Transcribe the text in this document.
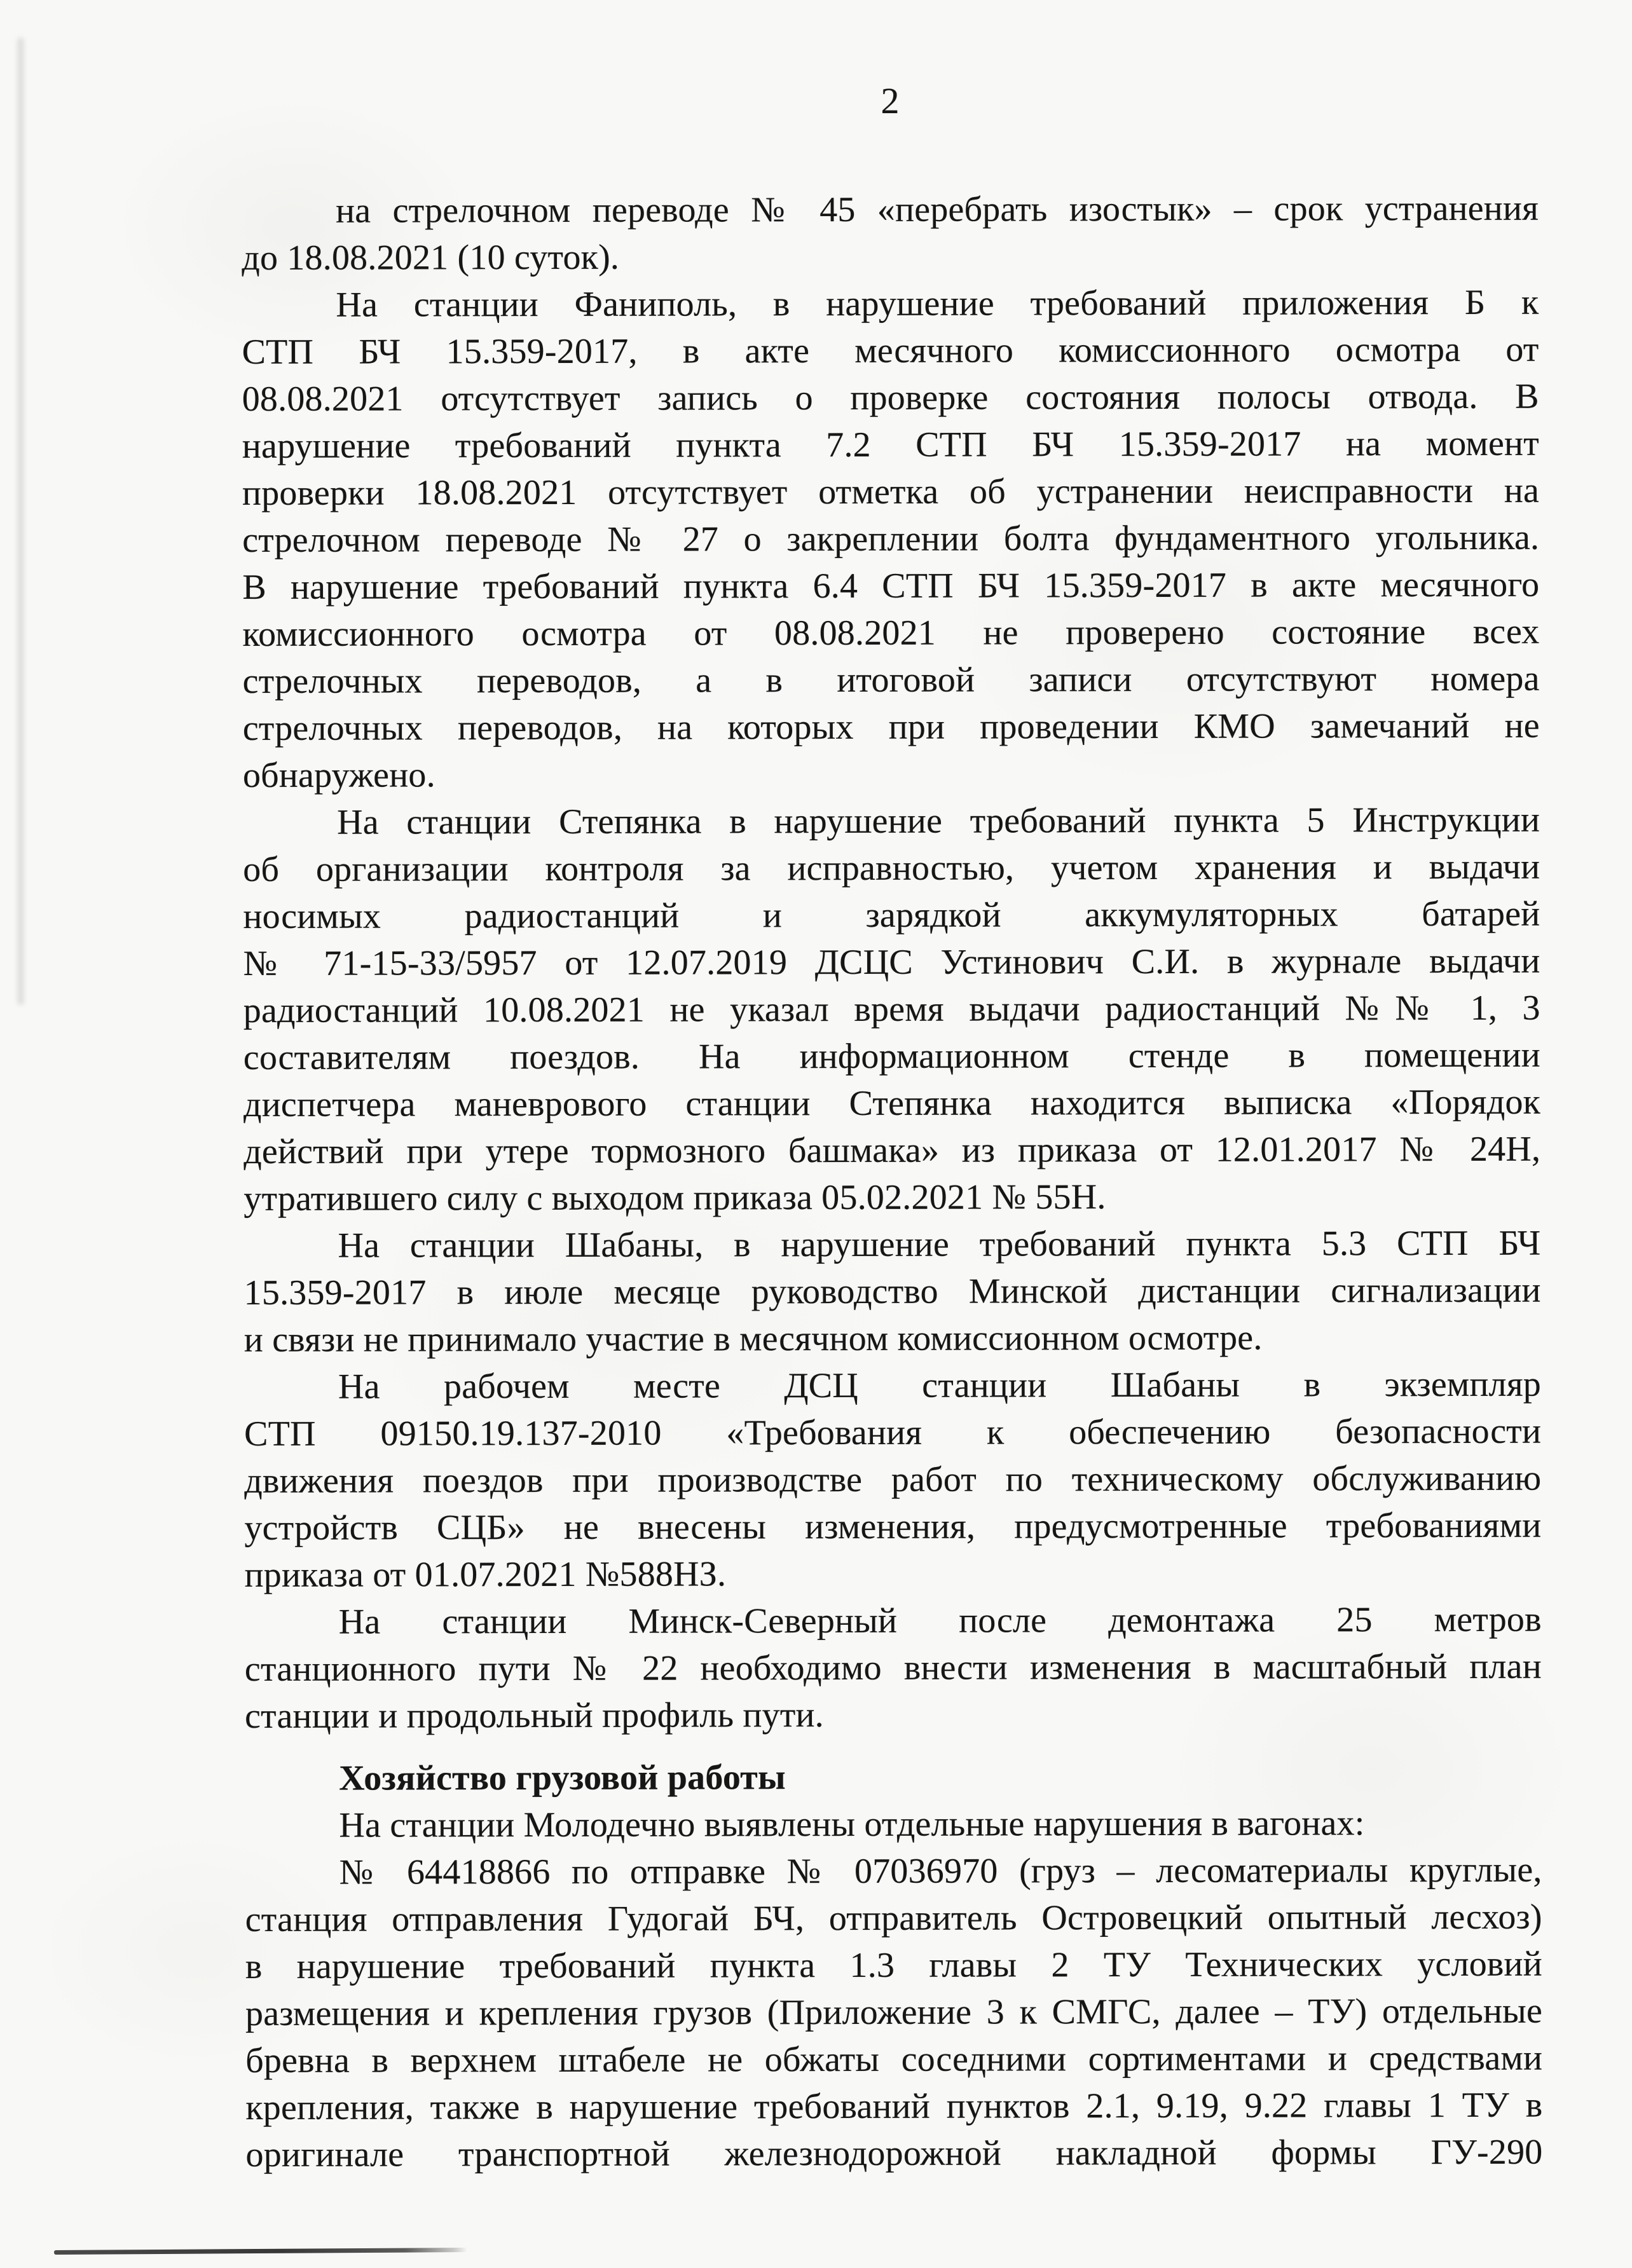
2
на стрелочном переводе № 45 «перебрать изостык» – срок устранения
до 18.08.2021 (10 суток).
На станции Фаниполь, в нарушение требований приложения Б к
СТП БЧ 15.359-2017, в акте месячного комиссионного осмотра от
08.08.2021 отсутствует запись о проверке состояния полосы отвода. В
нарушение требований пункта 7.2 СТП БЧ 15.359-2017 на момент
проверки 18.08.2021 отсутствует отметка об устранении неисправности на
стрелочном переводе № 27 о закреплении болта фундаментного угольника.
В нарушение требований пункта 6.4 СТП БЧ 15.359-2017 в акте месячного
комиссионного осмотра от 08.08.2021 не проверено состояние всех
стрелочных переводов, а в итоговой записи отсутствуют номера
стрелочных переводов, на которых при проведении КМО замечаний не
обнаружено.
На станции Степянка в нарушение требований пункта 5 Инструкции
об организации контроля за исправностью, учетом хранения и выдачи
носимых радиостанций и зарядкой аккумуляторных батарей
№ 71-15-33/5957 от 12.07.2019 ДСЦС Устинович С.И. в журнале выдачи
радиостанций 10.08.2021 не указал время выдачи радиостанций №№ 1, 3
составителям поездов. На информационном стенде в помещении
диспетчера маневрового станции Степянка находится выписка «Порядок
действий при утере тормозного башмака» из приказа от 12.01.2017 № 24Н,
утратившего силу с выходом приказа 05.02.2021 № 55Н.
На станции Шабаны, в нарушение требований пункта 5.3 СТП БЧ
15.359-2017 в июле месяце руководство Минской дистанции сигнализации
и связи не принимало участие в месячном комиссионном осмотре.
На рабочем месте ДСЦ станции Шабаны в экземпляр
СТП 09150.19.137-2010 «Требования к обеспечению безопасности
движения поездов при производстве работ по техническому обслуживанию
устройств СЦБ» не внесены изменения, предусмотренные требованиями
приказа от 01.07.2021 №588НЗ.
На станции Минск-Северный после демонтажа 25 метров
станционного пути № 22 необходимо внести изменения в масштабный план
станции и продольный профиль пути.
Хозяйство грузовой работы
На станции Молодечно выявлены отдельные нарушения в вагонах:
№ 64418866 по отправке № 07036970 (груз – лесоматериалы круглые,
станция отправления Гудогай БЧ, отправитель Островецкий опытный лесхоз)
в нарушение требований пункта 1.3 главы 2 ТУ Технических условий
размещения и крепления грузов (Приложение 3 к СМГС, далее – ТУ) отдельные
бревна в верхнем штабеле не обжаты соседними сортиментами и средствами
крепления, также в нарушение требований пунктов 2.1, 9.19, 9.22 главы 1 ТУ в
оригинале транспортной железнодорожной накладной формы ГУ-290
